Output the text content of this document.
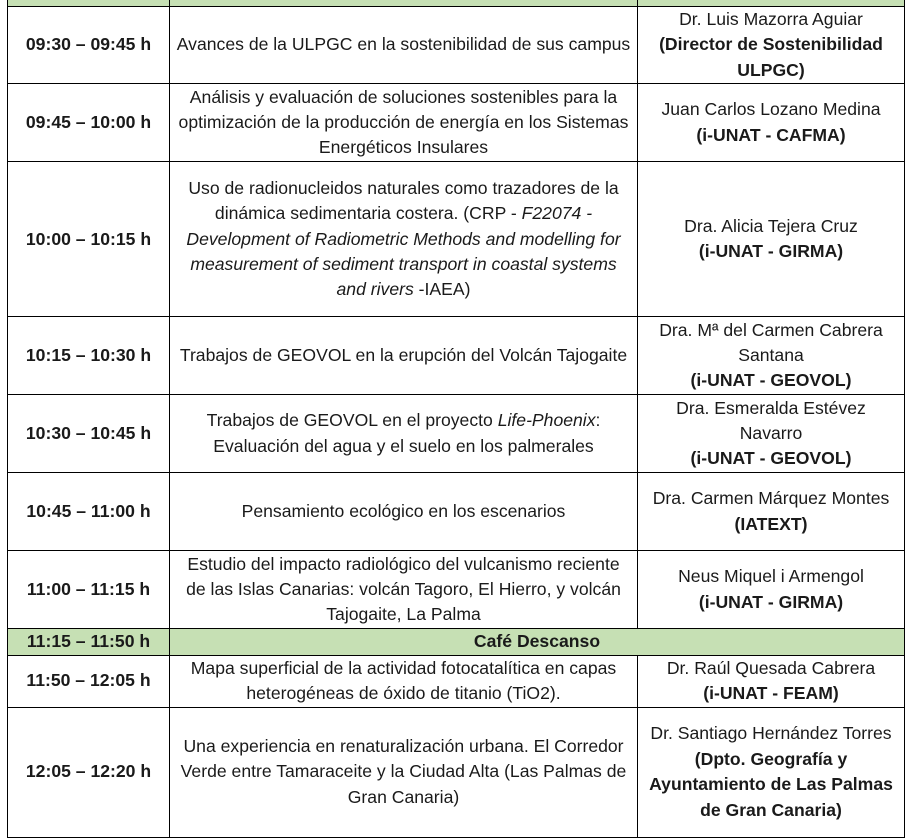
09:30 – 09:45 h	Avances de la ULPGC en la sostenibilidad de sus campus	Dr. Luis Mazorra Aguiar
(Director de Sostenibilidad ULPGC)

09:45 – 10:00 h	Análisis y evaluación de soluciones sostenibles para la optimización de la producción de energía en los Sistemas Energéticos Insulares	Juan Carlos Lozano Medina
(i-UNAT - CAFMA)

10:00 – 10:15 h	Uso de radionucleidos naturales como trazadores de la dinámica sedimentaria costera. (CRP - F22074 -Development of Radiometric Methods and modelling for measurement of sediment transport in coastal systems and rivers -IAEA)	Dra. Alicia Tejera Cruz
(i-UNAT - GIRMA)

10:15 – 10:30 h	Trabajos de GEOVOL en la erupción del Volcán Tajogaite	Dra. Mª del Carmen Cabrera Santana
(i-UNAT - GEOVOL)

10:30 – 10:45 h	Trabajos de GEOVOL en el proyecto Life-Phoenix: Evaluación del agua y el suelo en los palmerales	Dra. Esmeralda Estévez Navarro
(i-UNAT - GEOVOL)

10:45 – 11:00 h	Pensamiento ecológico en los escenarios	Dra. Carmen Márquez Montes
(IATEXT)

11:00 – 11:15 h	Estudio del impacto radiológico del vulcanismo reciente de las Islas Canarias: volcán Tagoro, El Hierro, y volcán Tajogaite, La Palma	Neus Miquel i Armengol
(i-UNAT - GIRMA)

11:15 – 11:50 h	Café Descanso	
11:50 – 12:05 h	Mapa superficial de la actividad fotocatalítica en capas heterogéneas de óxido de titanio (TiO2).	Dr. Raúl Quesada Cabrera
(i-UNAT - FEAM)

12:05 – 12:20 h	Una experiencia en renaturalización urbana. El Corredor Verde entre Tamaraceite y la Ciudad Alta (Las Palmas de Gran Canaria)	Dr. Santiago Hernández Torres
(Dpto. Geografía y Ayuntamiento de Las Palmas de Gran Canaria)
